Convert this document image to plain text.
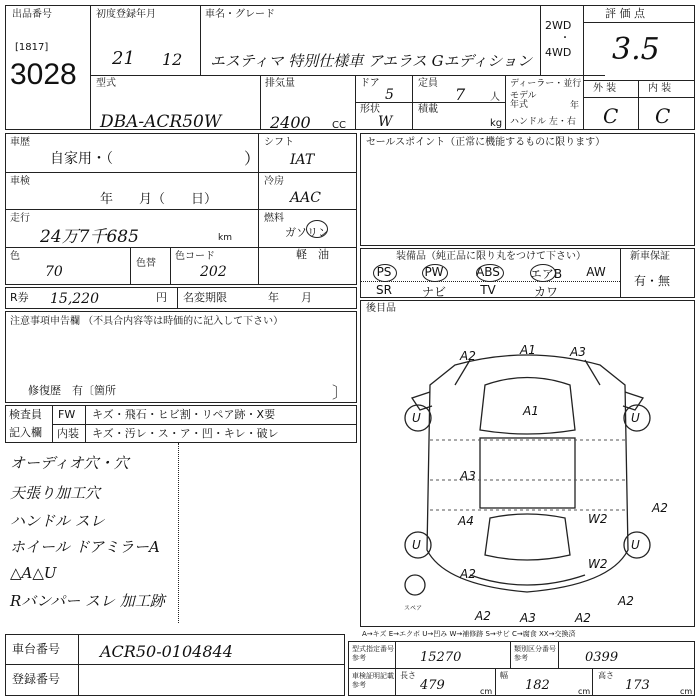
出品番号
[1817]
3028
初度登録年月
21 12
車名・グレード
エスティマ 特別仕様車 アエラス Gエディション
2WD
・
4WD
評 価 点
3.5
型式
DBA-ACR50W
排気量
2400 CC
ドア
5
定員
7 人
形状
W
積載
kg
ディーラー・並行
モデル
年式	年
ハンドル 左・右
外 装	内 装
C C
車歴
自家用・（	）
車検
年　　月（　　日）
走行
24万7千685	km
色
70
色替
色コード
202
シフト
IAT
冷房
AAC
燃料
ガソリン
軽　油
R券 15,220	円 名変期限	年　　月
注意事項申告欄 （不具合内容等は時価的に記入して下さい）
修復歴　有〔箇所	〕
検査員
記入欄
FW キズ・飛石・ヒビ割・リペア跡・X要
内装 キズ・汚レ・ス・ア・凹・キレ・破レ
オーディオ穴・穴
天張り加工穴
ハンドル スレ
ホイール ドアミラーA
△A△U
Rバンパー スレ 加工跡
セールスポイント（正常に機能するものに限ります）
装備品（純正品に限り丸をつけて下さい）	新車保証
有・無
PS	PW	ABS	エアB	AW
SR	ナビ	TV	カワ
後目品
A2	A1	A3
A1
A3
A4	W2
A2
W2
A2
A2 A3	A2
A2
U	U
U	U
スペア
A→キズ E→エクボ U→凹み W→補修跡 S→サビ C→腐食 XX→交換済
車台番号 ACR50-0104844
登録番号
型式指定番号
参考	15270
類別区分番号
参考	0399
車検証明記載
参考
長さ
479	cm
幅
182	cm
高さ
173	cm
